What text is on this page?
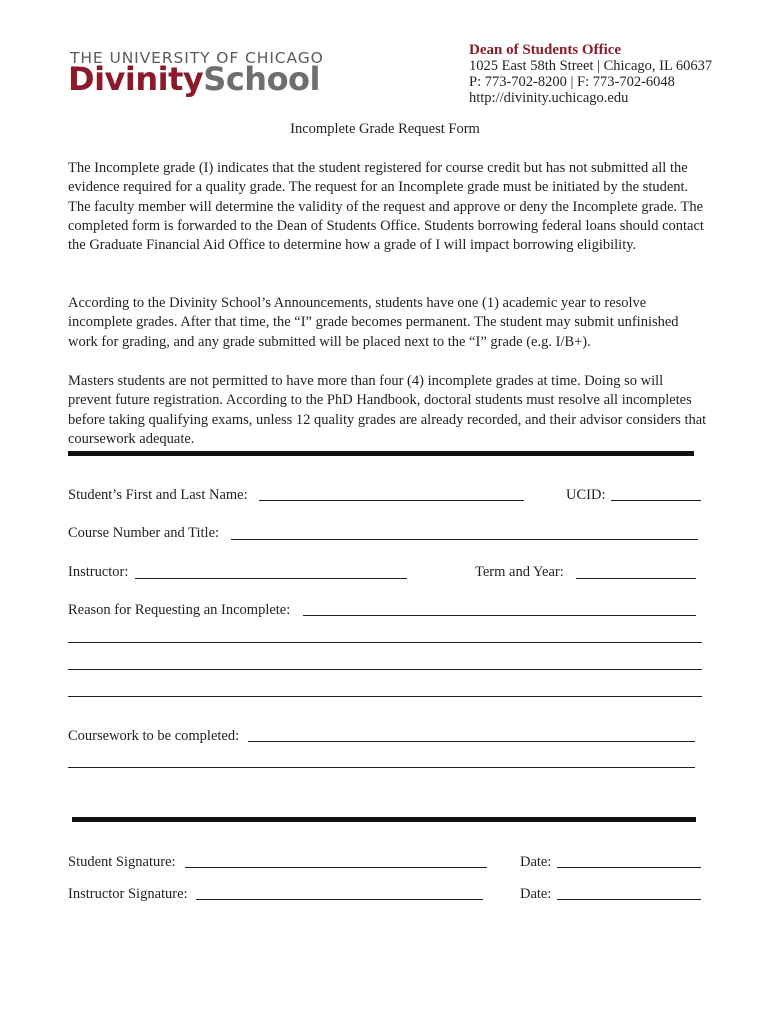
THE UNIVERSITY OF CHICAGO
DivinitySchool
Dean of Students Office
1025 East 58th Street | Chicago, IL 60637
P: 773-702-8200 | F: 773-702-6048
http://divinity.uchicago.edu
Incomplete Grade Request Form
The Incomplete grade (I) indicates that the student registered for course credit but has not submitted all the evidence required for a quality grade. The request for an Incomplete grade must be initiated by the student. The faculty member will determine the validity of the request and approve or deny the Incomplete grade. The completed form is forwarded to the Dean of Students Office. Students borrowing federal loans should contact the Graduate Financial Aid Office to determine how a grade of I will impact borrowing eligibility.
According to the Divinity School’s Announcements, students have one (1) academic year to resolve incomplete grades. After that time, the “I” grade becomes permanent. The student may submit unfinished work for grading, and any grade submitted will be placed next to the “I” grade (e.g. I/B+).
Masters students are not permitted to have more than four (4) incomplete grades at time. Doing so will prevent future registration. According to the PhD Handbook, doctoral students must resolve all incompletes before taking qualifying exams, unless 12 quality grades are already recorded, and their advisor considers that coursework adequate.
Student’s First and Last Name:	UCID:
Course Number and Title:
Instructor:	Term and Year:
Reason for Requesting an Incomplete:
Coursework to be completed:
Student Signature:	Date:
Instructor Signature:	Date:
